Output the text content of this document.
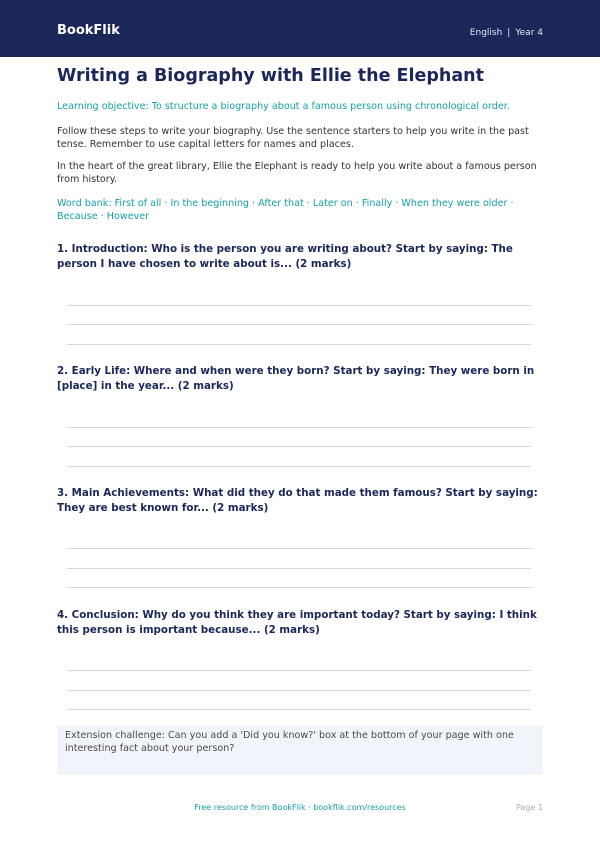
BookFlik	English | Year 4
Writing a Biography with Ellie the Elephant

Learning objective: To structure a biography about a famous person using chronological order.

Follow these steps to write your biography. Use the sentence starters to help you write in the past tense. Remember to use capital letters for names and places.

In the heart of the great library, Ellie the Elephant is ready to help you write about a famous person from history.

Word bank: First of all · In the beginning · After that · Later on · Finally · When they were older · Because · However

1. Introduction: Who is the person you are writing about? Start by saying: The person I have chosen to write about is... (2 marks)

2. Early Life: Where and when were they born? Start by saying: They were born in [place] in the year... (2 marks)

3. Main Achievements: What did they do that made them famous? Start by saying: They are best known for... (2 marks)

4. Conclusion: Why do you think they are important today? Start by saying: I think this person is important because... (2 marks)

Extension challenge: Can you add a 'Did you know?' box at the bottom of your page with one interesting fact about your person?
Free resource from BookFlik · bookflik.com/resources	Page 1
